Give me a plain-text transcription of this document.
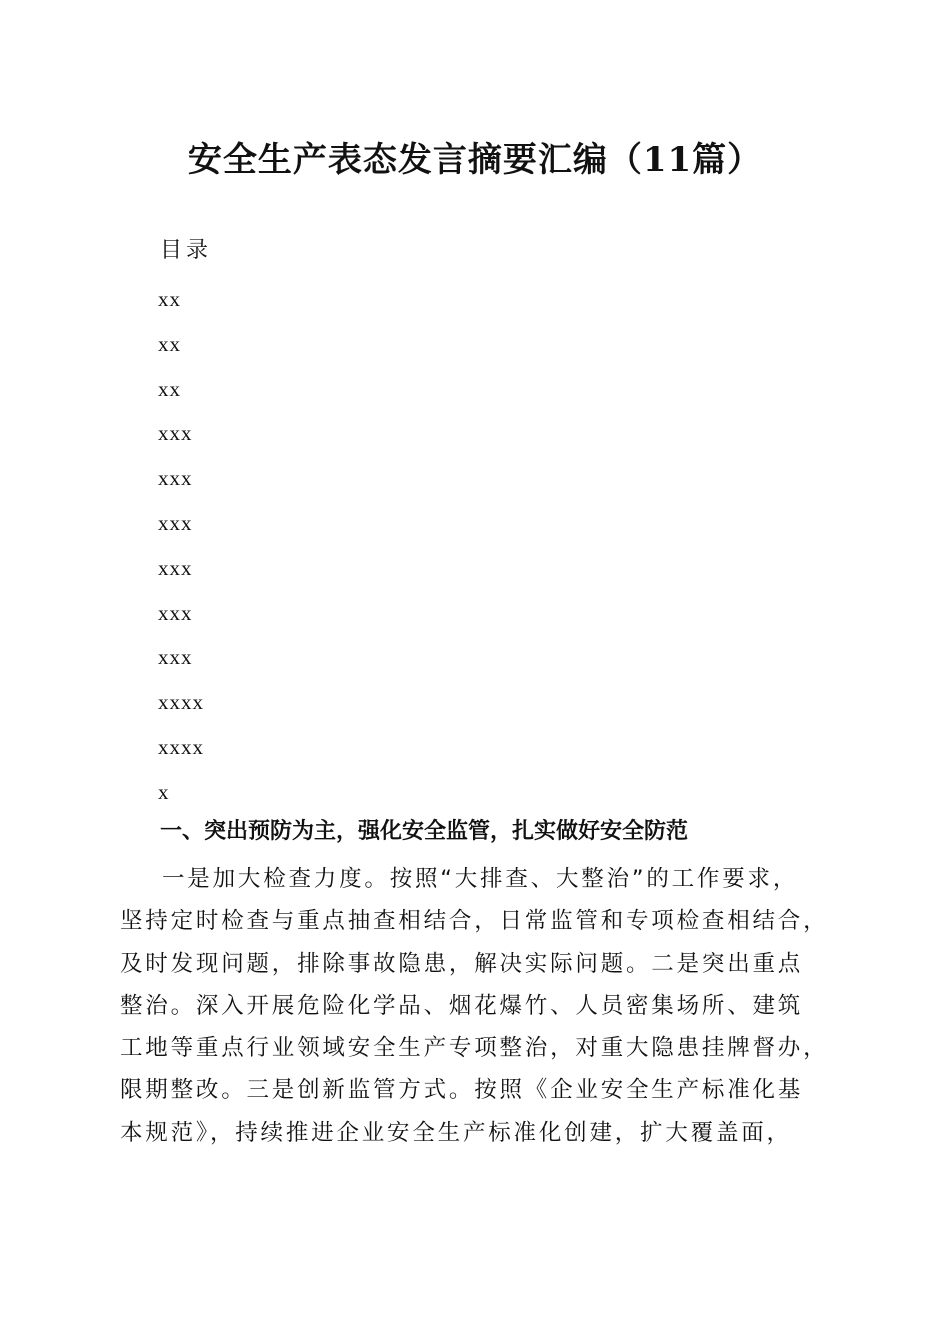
安全生产表态发言摘要汇编（11篇）
目录
xx
xx
xx
xxx
xxx
xxx
xxx
xxx
xxx
xxxx
xxxx
x
一、突出预防为主，强化安全监管，扎实做好安全防范
一是加大检查力度。按照“大排查、大整治”的工作要求，
坚持定时检查与重点抽查相结合，日常监管和专项检查相结合，
及时发现问题，排除事故隐患，解决实际问题。二是突出重点
整治。深入开展危险化学品、烟花爆竹、人员密集场所、建筑
工地等重点行业领域安全生产专项整治，对重大隐患挂牌督办，
限期整改。三是创新监管方式。按照《企业安全生产标准化基
本规范》，持续推进企业安全生产标准化创建，扩大覆盖面，
